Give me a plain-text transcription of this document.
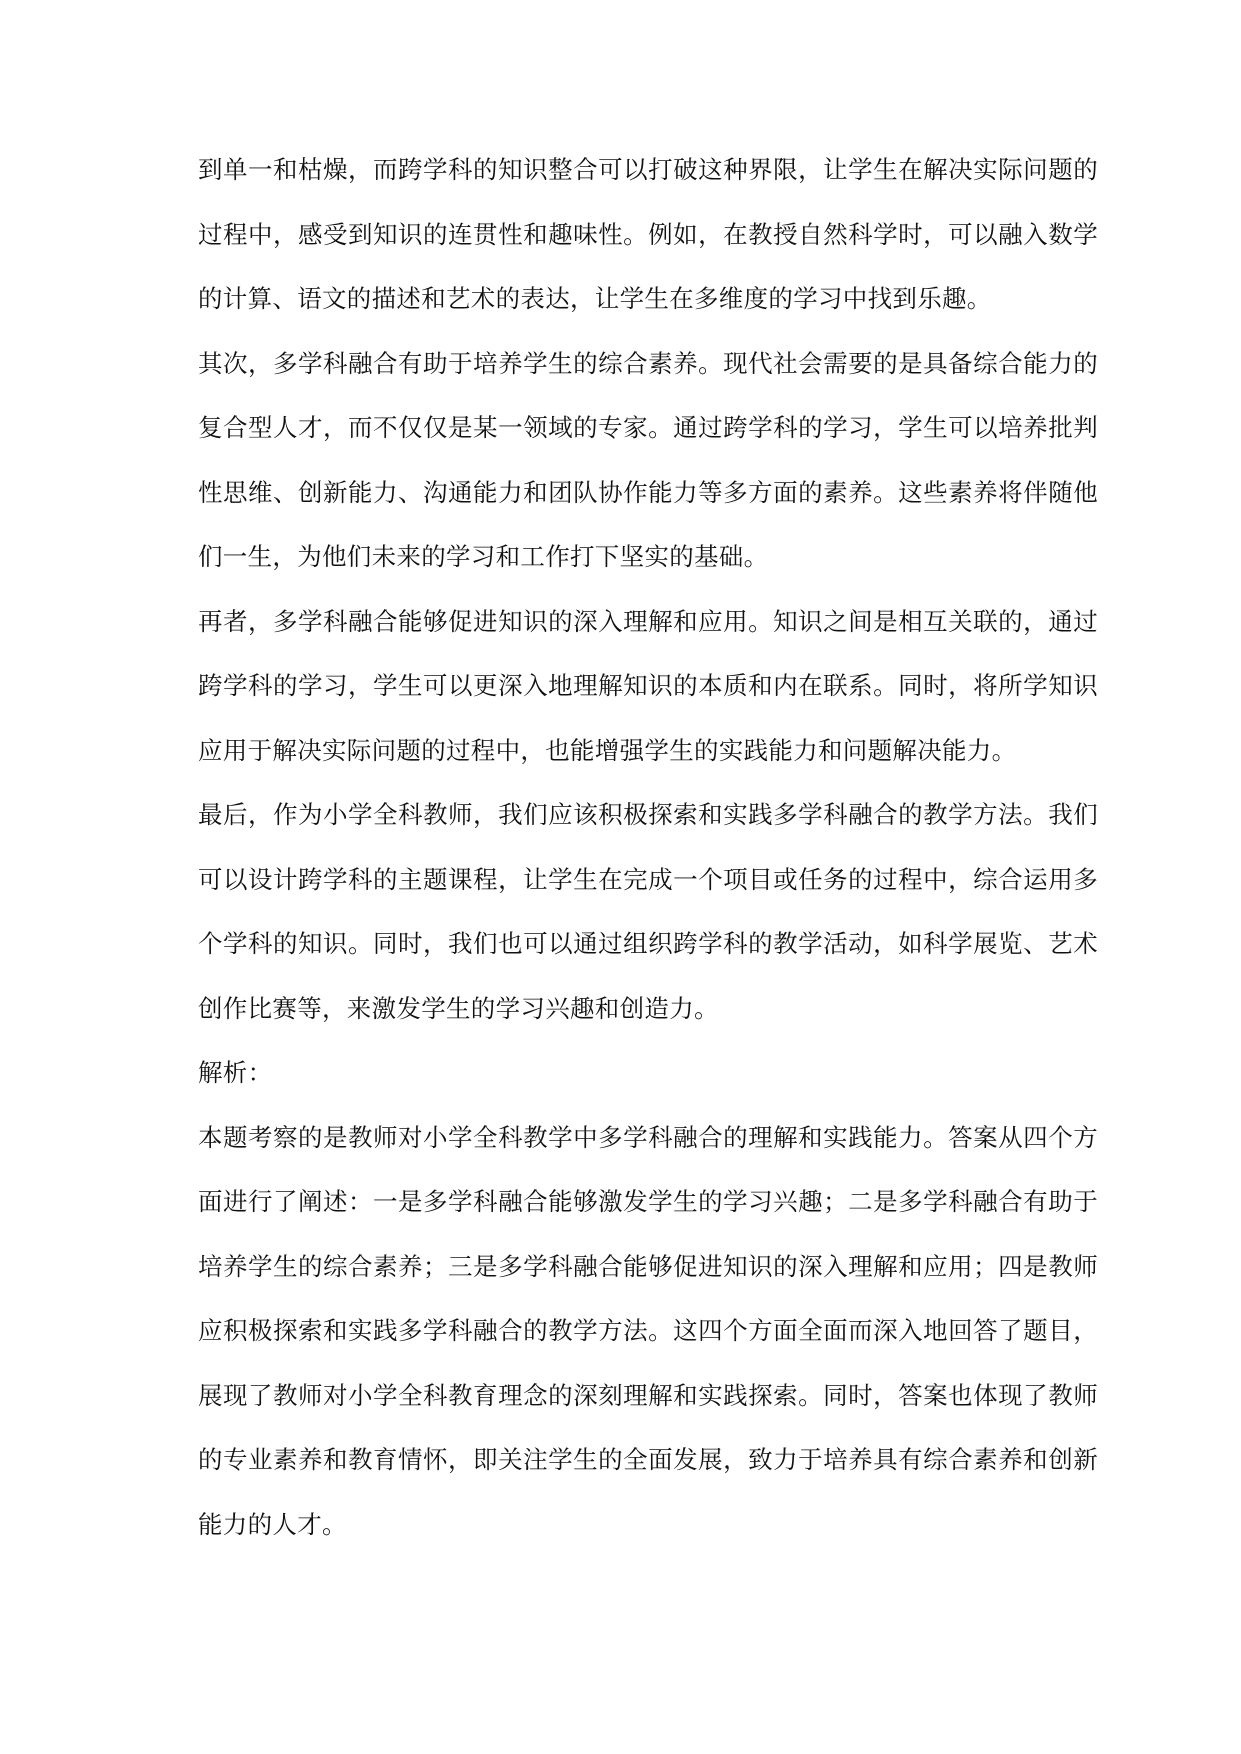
到单一和枯燥，而跨学科的知识整合可以打破这种界限，让学生在解决实际问题的过程中，感受到知识的连贯性和趣味性。例如，在教授自然科学时，可以融入数学的计算、语文的描述和艺术的表达，让学生在多维度的学习中找到乐趣。

其次，多学科融合有助于培养学生的综合素养。现代社会需要的是具备综合能力的复合型人才，而不仅仅是某一领域的专家。通过跨学科的学习，学生可以培养批判性思维、创新能力、沟通能力和团队协作能力等多方面的素养。这些素养将伴随他们一生，为他们未来的学习和工作打下坚实的基础。

再者，多学科融合能够促进知识的深入理解和应用。知识之间是相互关联的，通过跨学科的学习，学生可以更深入地理解知识的本质和内在联系。同时，将所学知识应用于解决实际问题的过程中，也能增强学生的实践能力和问题解决能力。

最后，作为小学全科教师，我们应该积极探索和实践多学科融合的教学方法。我们可以设计跨学科的主题课程，让学生在完成一个项目或任务的过程中，综合运用多个学科的知识。同时，我们也可以通过组织跨学科的教学活动，如科学展览、艺术创作比赛等，来激发学生的学习兴趣和创造力。

解析：

本题考察的是教师对小学全科教学中多学科融合的理解和实践能力。答案从四个方面进行了阐述：一是多学科融合能够激发学生的学习兴趣；二是多学科融合有助于培养学生的综合素养；三是多学科融合能够促进知识的深入理解和应用；四是教师应积极探索和实践多学科融合的教学方法。这四个方面全面而深入地回答了题目，展现了教师对小学全科教育理念的深刻理解和实践探索。同时，答案也体现了教师的专业素养和教育情怀，即关注学生的全面发展，致力于培养具有综合素养和创新能力的人才。
